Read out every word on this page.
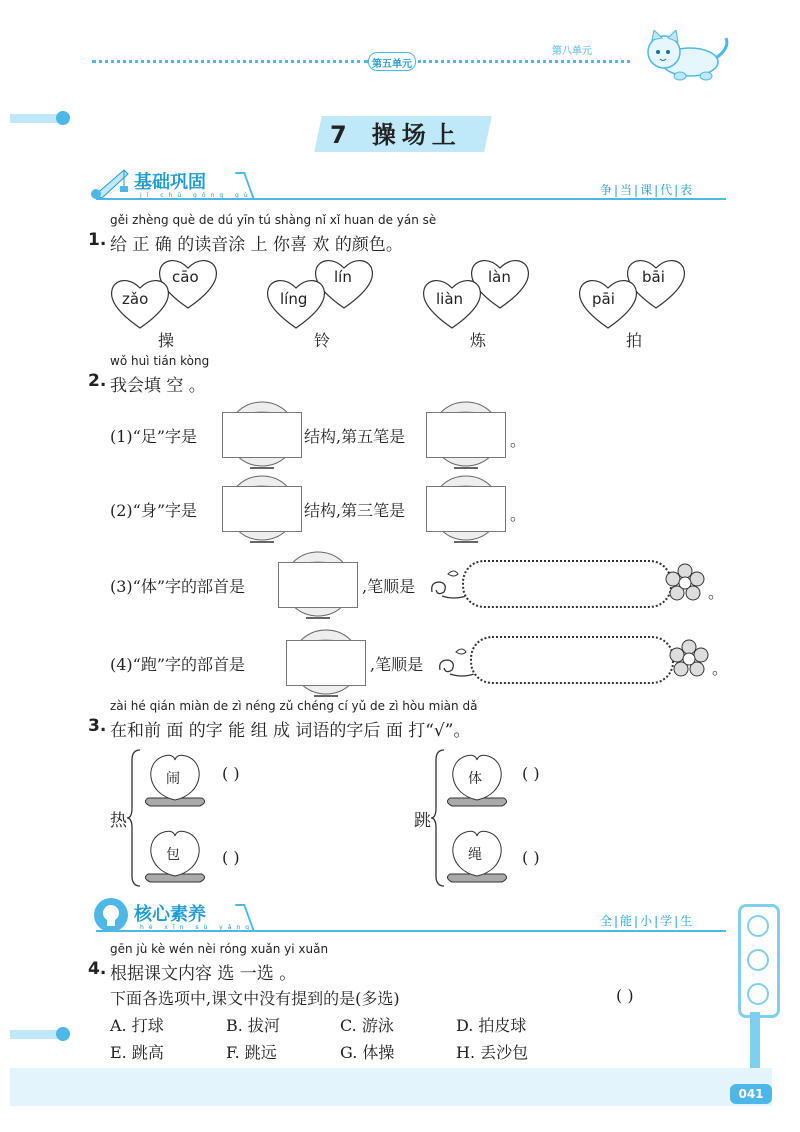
第五单元
第八单元
7 操场上
基础巩固
jī chǔ gǒng gù	争|当|课|代|表
gěi zhèng què de dú yīn tú shàng nǐ xǐ huan de yán sè
1. 给 正 确 的读音涂 上 你喜 欢 的颜色。
zǎo
cāo
操
líng
lín
铃
liàn
làn
炼
pāi
bāi
拍
wǒ huì tián kòng
2. 我会填 空 。
(1)“足”字是	结构,第五笔是	。
(2)“身”字是	结构,第三笔是	。
(3)“体”字的部首是	,笔顺是	。
(4)“跑”字的部首是	,笔顺是	。
zài hé qián miàn de zì néng zǔ chéng cí yǔ de zì hòu miàn dǎ
3. 在和前 面 的字 能 组 成 词语的字后 面 打“√”。
热
闹	( )
包	( )
跳
体	( )
绳	( )
核心素养
hé xīn sù yǎng	全|能|小|学|生
gēn jù kè wén nèi róng xuǎn yi xuǎn
4. 根据课文内容 选 一选 。
下面各选项中,课文中没有提到的是(多选)	( )
A. 打球	B. 拔河	C. 游泳	D. 拍皮球
E. 跳高	F. 跳远	G. 体操	H. 丢沙包
041
